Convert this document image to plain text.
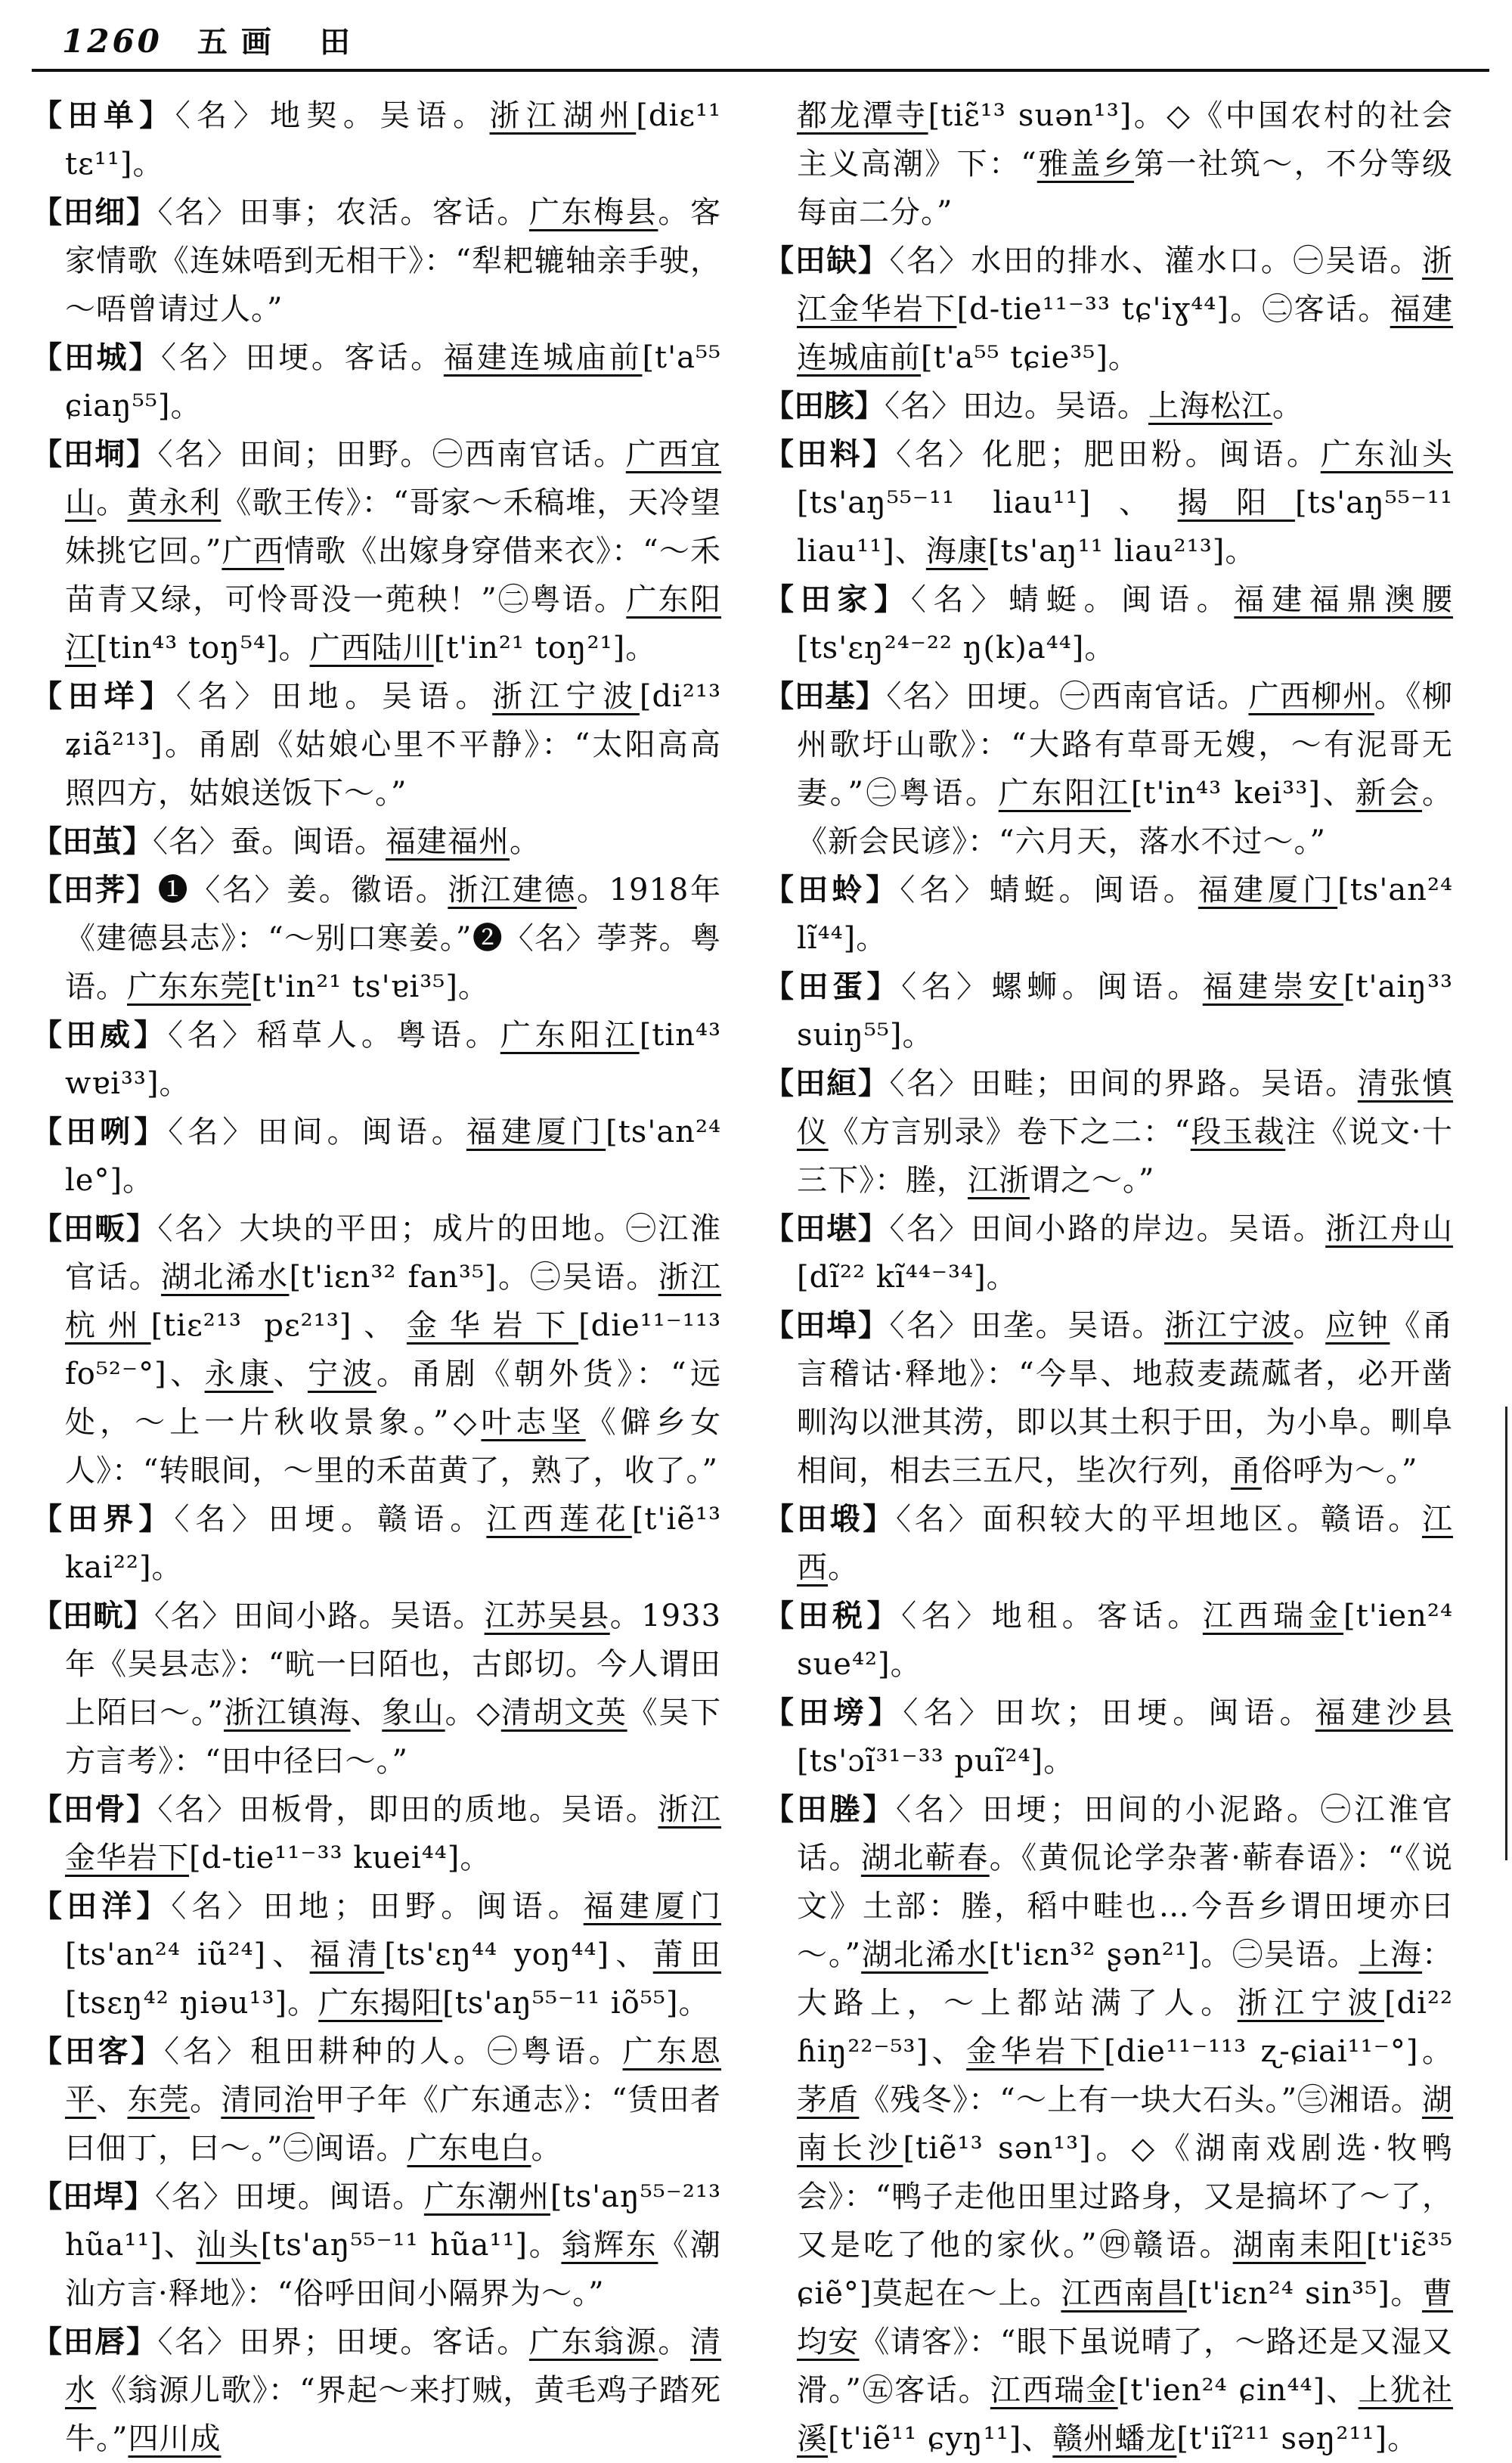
1260 五画 田
【田单】〈名〉地契。吴语。浙江湖州[diɛ¹¹ tɛ¹¹]。
【田细】〈名〉田事；农活。客话。广东梅县。客家情歌《连妹唔到无相干》：“犁耙辘轴亲手驶，～唔曾请过人。”
【田城】〈名〉田埂。客话。福建连城庙前[t'a⁵⁵ ɕiaŋ⁵⁵]。
【田垌】〈名〉田间；田野。㊀西南官话。广西宜山。黄永利《歌王传》：“哥家～禾稿堆，天冷望妹挑它回。”广西情歌《出嫁身穿借来衣》：“～禾苗青又绿，可怜哥没一蔸秧！”㊁粤语。广东阳江[tin⁴³ toŋ⁵⁴]。广西陆川[t'in²¹ toŋ²¹]。
【田垟】〈名〉田地。吴语。浙江宁波[di²¹³ ʑiã²¹³]。甬剧《姑娘心里不平静》：“太阳高高照四方，姑娘送饭下～。”
【田茧】〈名〉蚕。闽语。福建福州。
【田荠】❶〈名〉姜。徽语。浙江建德。1918年《建德县志》：“～别口寒姜。”❷〈名〉荸荠。粤语。广东东莞[t'in²¹ ts'ɐi³⁵]。
【田威】〈名〉稻草人。粤语。广东阳江[tin⁴³ wɐi³³]。
【田咧】〈名〉田间。闽语。福建厦门[ts'an²⁴ le°]。
【田畈】〈名〉大块的平田；成片的田地。㊀江淮官话。湖北浠水[t'iɛn³² fan³⁵]。㊁吴语。浙江杭州[tiɛ²¹³ pɛ²¹³]、金华岩下[die¹¹⁻¹¹³ fo⁵²⁻°]、永康、宁波。甬剧《朝外货》：“远处，～上一片秋收景象。”◇叶志坚《僻乡女人》：“转眼间，～里的禾苗黄了，熟了，收了。”
【田界】〈名〉田埂。赣语。江西莲花[t'iẽ¹³ kai²²]。
【田㽘】〈名〉田间小路。吴语。江苏吴县。1933年《吴县志》：“㽘一曰陌也，古郎切。今人谓田上陌曰～。”浙江镇海、象山。◇清胡文英《吴下方言考》：“田中径曰～。”
【田骨】〈名〉田板骨，即田的质地。吴语。浙江金华岩下[d-tie¹¹⁻³³ kuei⁴⁴]。
【田洋】〈名〉田地；田野。闽语。福建厦门[ts'an²⁴ iũ²⁴]、福清[ts'ɛŋ⁴⁴ yoŋ⁴⁴]、莆田[tsɛŋ⁴² ŋiəu¹³]。广东揭阳[ts'aŋ⁵⁵⁻¹¹ iõ⁵⁵]。
【田客】〈名〉租田耕种的人。㊀粤语。广东恩平、东莞。清同治甲子年《广东通志》：“赁田者曰佃丁，曰～。”㊁闽语。广东电白。
【田垾】〈名〉田埂。闽语。广东潮州[ts'aŋ⁵⁵⁻²¹³ hũa¹¹]、汕头[ts'aŋ⁵⁵⁻¹¹ hũa¹¹]。翁辉东《潮汕方言·释地》：“俗呼田间小隔界为～。”
【田唇】〈名〉田界；田埂。客话。广东翁源。清水《翁源儿歌》：“界起～来打贼，黄毛鸡子踏死牛。”四川成
都龙潭寺[tiɛ̃¹³ suən¹³]。◇《中国农村的社会主义高潮》下：“雅盖乡第一社筑～，不分等级每亩二分。”
【田缺】〈名〉水田的排水、灌水口。㊀吴语。浙江金华岩下[d-tie¹¹⁻³³ tɕ'iɣ⁴⁴]。㊁客话。福建连城庙前[t'a⁵⁵ tɕie³⁵]。
【田胲】〈名〉田边。吴语。上海松江。
【田料】〈名〉化肥；肥田粉。闽语。广东汕头[ts'aŋ⁵⁵⁻¹¹ liau¹¹]、揭阳[ts'aŋ⁵⁵⁻¹¹ liau¹¹]、海康[ts'aŋ¹¹ liau²¹³]。
【田家】〈名〉蜻蜓。闽语。福建福鼎澳腰[ts'ɛŋ²⁴⁻²² ŋ(k)a⁴⁴]。
【田基】〈名〉田埂。㊀西南官话。广西柳州。《柳州歌圩山歌》：“大路有草哥无嫂，～有泥哥无妻。”㊁粤语。广东阳江[t'in⁴³ kei³³]、新会。《新会民谚》：“六月天，落水不过～。”
【田蛉】〈名〉蜻蜓。闽语。福建厦门[ts'an²⁴ lĩ⁴⁴]。
【田蛋】〈名〉螺蛳。闽语。福建崇安[t'aiŋ³³ suiŋ⁵⁵]。
【田絙】〈名〉田畦；田间的界路。吴语。清张慎仪《方言别录》卷下之二：“段玉裁注《说文·十三下》：塍，江浙谓之～。”
【田堪】〈名〉田间小路的岸边。吴语。浙江舟山[dĩ²² kĩ⁴⁴⁻³⁴]。
【田埠】〈名〉田垄。吴语。浙江宁波。应钟《甬言稽诂·释地》：“今旱、地菽麦蔬蓏者，必开凿甽沟以泄其涝，即以其土积于田，为小阜。甽阜相间，相去三五尺，坒次行列，甬俗呼为～。”
【田塅】〈名〉面积较大的平坦地区。赣语。江西。
【田税】〈名〉地租。客话。江西瑞金[t'ien²⁴ sue⁴²]。
【田塝】〈名〉田坎；田埂。闽语。福建沙县[ts'ɔĩ³¹⁻³³ puĩ²⁴]。
【田塍】〈名〉田埂；田间的小泥路。㊀江淮官话。湖北蕲春。《黄侃论学杂著·蕲春语》：“《说文》土部：塍，稻中畦也…今吾乡谓田埂亦曰～。”湖北浠水[t'iɛn³² ʂən²¹]。㊁吴语。上海：大路上，～上都站满了人。浙江宁波[di²² ɦiŋ²²⁻⁵³]、金华岩下[die¹¹⁻¹¹³ ʐ-ɕiai¹¹⁻°]。茅盾《残冬》：“～上有一块大石头。”㊂湘语。湖南长沙[tiẽ¹³ sən¹³]。◇《湖南戏剧选·牧鸭会》：“鸭子走他田里过路身，又是搞坏了～了，又是吃了他的家伙。”㊃赣语。湖南耒阳[t'iɛ̃³⁵ ɕiẽ°]莫起在～上。江西南昌[t'iɛn²⁴ sin³⁵]。曹均安《请客》：“眼下虽说晴了，～路还是又湿又滑。”㊄客话。江西瑞金[t'ien²⁴ ɕin⁴⁴]、上犹社溪[t'iẽ¹¹ ɕyŋ¹¹]、赣州蟠龙[t'iĩ²¹¹ səŋ²¹¹]。
